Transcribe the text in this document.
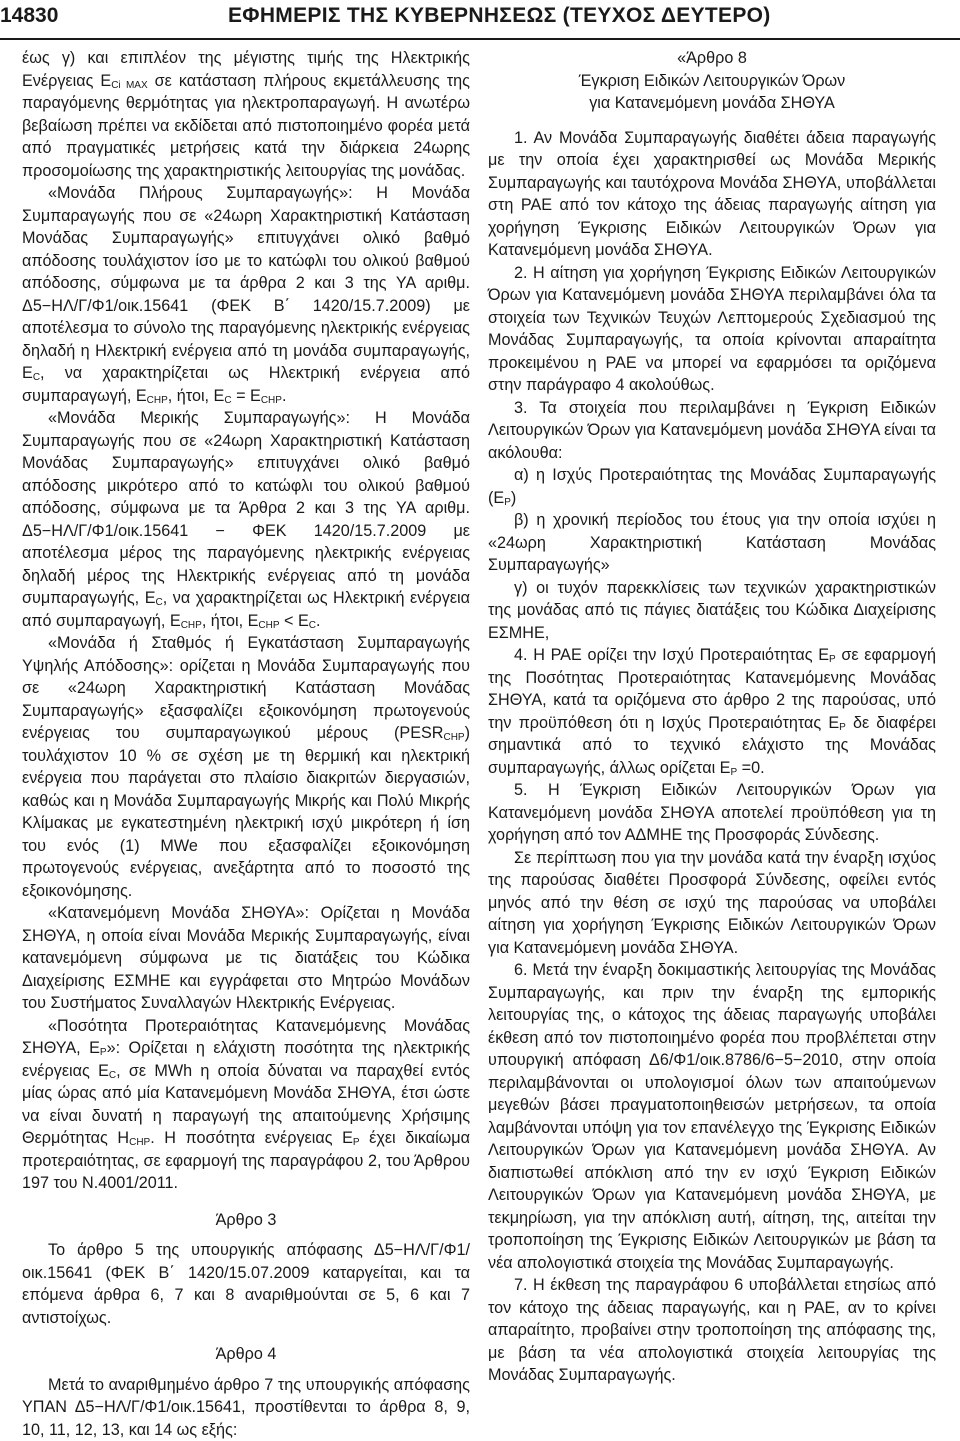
14830	ΕΦΗΜΕΡΙΣ ΤΗΣ ΚΥΒΕΡΝΗΣΕΩΣ (ΤΕΥΧΟΣ ΔΕΥΤΕΡΟ)

έως γ) και επιπλέον της μέγιστης τιμής της Ηλεκτρικής Ενέργειας $E_{Ci MAX}$ σε κατάσταση πλήρους εκμετάλλευσης της παραγόμενης θερμότητας για ηλεκτροπαραγωγή. Η ανωτέρω βεβαίωση πρέπει να εκδίδεται από πιστοποιημένο φορέα μετά από πραγματικές μετρήσεις κατά την διάρκεια 24ωρης προσομοίωσης της χαρακτηριστικής λειτουργίας της μονάδας.

«Μονάδα Πλήρους Συμπαραγωγής»: Η Μονάδα Συμπαραγωγής που σε «24ωρη Χαρακτηριστική Κατάσταση Μονάδας Συμπαραγωγής» επιτυγχάνει ολικό βαθμό απόδοσης τουλάχιστον ίσο με το κατώφλι του ολικού βαθμού απόδοσης, σύμφωνα με τα άρθρα 2 και 3 της ΥΑ αριθμ. Δ5−ΗΛ/Γ/Φ1/οικ.15641 (ΦΕΚ Β΄ 1420/15.7.2009) με αποτέλεσμα το σύνολο της παραγόμενης ηλεκτρικής ενέργειας δηλαδή η Ηλεκτρική ενέργεια από τη μονάδα συμπαραγωγής, $E_C$, να χαρακτηρίζεται ως Ηλεκτρική ενέργεια από συμπαραγωγή, $E_{CHP}$, ήτοι, $E_C = E_{CHP}$.

«Μονάδα Μερικής Συμπαραγωγής»: Η Μονάδα Συμπαραγωγής που σε «24ωρη Χαρακτηριστική Κατάσταση Μονάδας Συμπαραγωγής» επιτυγχάνει ολικό βαθμό απόδοσης μικρότερο από το κατώφλι του ολικού βαθμού απόδοσης, σύμφωνα με τα Άρθρα 2 και 3 της ΥΑ αριθμ. Δ5−ΗΛ/Γ/Φ1/οικ.15641 − ΦΕΚ 1420/15.7.2009 με αποτέλεσμα μέρος της παραγόμενης ηλεκτρικής ενέργειας δηλαδή μέρος της Ηλεκτρικής ενέργειας από τη μονάδα συμπαραγωγής, $E_C$, να χαρακτηρίζεται ως Ηλεκτρική ενέργεια από συμπαραγωγή, $E_{CHP}$, ήτοι, $E_{CHP} < E_C$.

«Μονάδα ή Σταθμός ή Εγκατάσταση Συμπαραγωγής Υψηλής Απόδοσης»: ορίζεται η Μονάδα Συμπαραγωγής που σε «24ωρη Χαρακτηριστική Κατάσταση Μονάδας Συμπαραγωγής» εξασφαλίζει εξοικονόμηση πρωτογενούς ενέργειας του συμπαραγωγικού μέρους $(PESR_{CHP})$ τουλάχιστον 10 % σε σχέση με τη θερμική και ηλεκτρική ενέργεια που παράγεται στο πλαίσιο διακριτών διεργασιών, καθώς και η Μονάδα Συμπαραγωγής Μικρής και Πολύ Μικρής Κλίμακας με εγκατεστημένη ηλεκτρική ισχύ μικρότερη ή ίση του ενός (1) MWe που εξασφαλίζει εξοικονόμηση πρωτογενούς ενέργειας, ανεξάρτητα από το ποσοστό της εξοικονόμησης.

«Κατανεμόμενη Μονάδα ΣΗΘΥΑ»: Ορίζεται η Μονάδα ΣΗΘΥΑ, η οποία είναι Μονάδα Μερικής Συμπαραγωγής, είναι κατανεμόμενη σύμφωνα με τις διατάξεις του Κώδικα Διαχείρισης ΕΣΜΗΕ και εγγράφεται στο Μητρώο Μονάδων του Συστήματος Συναλλαγών Ηλεκτρικής Ενέργειας.

«Ποσότητα Προτεραιότητας Κατανεμόμενης Μονάδας ΣΗΘΥΑ, $E_P$»: Ορίζεται η ελάχιστη ποσότητα της ηλεκτρικής ενέργειας $E_C$, σε MWh η οποία δύναται να παραχθεί εντός μίας ώρας από μία Κατανεμόμενη Μονάδα ΣΗΘΥΑ, έτσι ώστε να είναι δυνατή η παραγωγή της απαιτούμενης Χρήσιμης Θερμότητας $H_{CHP}$. Η ποσότητα ενέργειας $E_P$ έχει δικαίωμα προτεραιότητας, σε εφαρμογή της παραγράφου 2, του Άρθρου 197 του Ν.4001/2011.

Άρθρο 3

Το άρθρο 5 της υπουργικής απόφασης Δ5−ΗΛ/Γ/Φ1/οικ.15641 (ΦΕΚ Β΄ 1420/15.07.2009 καταργείται, και τα επόμενα άρθρα 6, 7 και 8 αναριθμούνται σε 5, 6 και 7 αντιστοίχως.

Άρθρο 4

Μετά το αναριθμημένο άρθρο 7 της υπουργικής απόφασης ΥΠΑΝ Δ5−ΗΛ/Γ/Φ1/οικ.15641, προστίθενται το άρθρα 8, 9, 10, 11, 12, 13, και 14 ως εξής:

«Άρθρο 8

Έγκριση Ειδικών Λειτουργικών Όρων

για Κατανεμόμενη μονάδα ΣΗΘΥΑ

1. Αν Μονάδα Συμπαραγωγής διαθέτει άδεια παραγωγής με την οποία έχει χαρακτηρισθεί ως Μονάδα Μερικής Συμπαραγωγής και ταυτόχρονα Μονάδα ΣΗΘΥΑ, υποβάλλεται στη ΡΑΕ από τον κάτοχο της άδειας παραγωγής αίτηση για χορήγηση Έγκρισης Ειδικών Λειτουργικών Όρων για Κατανεμόμενη μονάδα ΣΗΘΥΑ.

2. Η αίτηση για χορήγηση Έγκρισης Ειδικών Λειτουργικών Όρων για Κατανεμόμενη μονάδα ΣΗΘΥΑ περιλαμβάνει όλα τα στοιχεία των Τεχνικών Τευχών Λεπτομερούς Σχεδιασμού της Μονάδας Συμπαραγωγής, τα οποία κρίνονται απαραίτητα προκειμένου η ΡΑΕ να μπορεί να εφαρμόσει τα οριζόμενα στην παράγραφο 4 ακολούθως.

3. Τα στοιχεία που περιλαμβάνει η Έγκριση Ειδικών Λειτουργικών Όρων για Κατανεμόμενη μονάδα ΣΗΘΥΑ είναι τα ακόλουθα:

α) η Ισχύς Προτεραιότητας της Μονάδας Συμπαραγωγής $(E_P)$

β) η χρονική περίοδος του έτους για την οποία ισχύει η «24ωρη Χαρακτηριστική Κατάσταση Μονάδας Συμπαραγωγής»

γ) οι τυχόν παρεκκλίσεις των τεχνικών χαρακτηριστικών της μονάδας από τις πάγιες διατάξεις του Κώδικα Διαχείρισης ΕΣΜΗΕ,

4. Η ΡΑΕ ορίζει την Ισχύ Προτεραιότητας $E_P$ σε εφαρμογή της Ποσότητας Προτεραιότητας Κατανεμόμενης Μονάδας ΣΗΘΥΑ, κατά τα οριζόμενα στο άρθρο 2 της παρούσας, υπό την προϋπόθεση ότι η Ισχύς Προτεραιότητας $E_P$ δε διαφέρει σημαντικά από το τεχνικό ελάχιστο της Μονάδας συμπαραγωγής, άλλως ορίζεται $E_P =0$.

5. Η Έγκριση Ειδικών Λειτουργικών Όρων για Κατανεμόμενη μονάδα ΣΗΘΥΑ αποτελεί προϋπόθεση για τη χορήγηση από τον ΑΔΜΗΕ της Προσφοράς Σύνδεσης.

Σε περίπτωση που για την μονάδα κατά την έναρξη ισχύος της παρούσας διαθέτει Προσφορά Σύνδεσης, οφείλει εντός μηνός από την θέση σε ισχύ της παρούσας να υποβάλει αίτηση για χορήγηση Έγκρισης Ειδικών Λειτουργικών Όρων για Κατανεμόμενη μονάδα ΣΗΘΥΑ.

6. Μετά την έναρξη δοκιμαστικής λειτουργίας της Μονάδας Συμπαραγωγής, και πριν την έναρξη της εμπορικής λειτουργίας της, ο κάτοχος της άδειας παραγωγής υποβάλει έκθεση από τον πιστοποιημένο φορέα που προβλέπεται στην υπουργική απόφαση Δ6/Φ1/οικ.8786/6−5−2010, στην οποία περιλαμβάνονται οι υπολογισμοί όλων των απαιτούμενων μεγεθών βάσει πραγματοποιηθεισών μετρήσεων, τα οποία λαμβάνονται υπόψη για τον επανέλεγχο της Έγκρισης Ειδικών Λειτουργικών Όρων για Κατανεμόμενη μονάδα ΣΗΘΥΑ. Αν διαπιστωθεί απόκλιση από την εν ισχύ Έγκριση Ειδικών Λειτουργικών Όρων για Κατανεμόμενη μονάδα ΣΗΘΥΑ, με τεκμηρίωση, για την απόκλιση αυτή, αίτηση, της, αιτείται την τροποποίηση της Έγκρισης Ειδικών Λειτουργικών με βάση τα νέα απολογιστικά στοιχεία της Μονάδας Συμπαραγωγής.

7. Η έκθεση της παραγράφου 6 υποβάλλεται ετησίως από τον κάτοχο της άδειας παραγωγής, και η ΡΑΕ, αν το κρίνει απαραίτητο, προβαίνει στην τροποποίηση της απόφασης της, με βάση τα νέα απολογιστικά στοιχεία λειτουργίας της Μονάδας Συμπαραγωγής.
